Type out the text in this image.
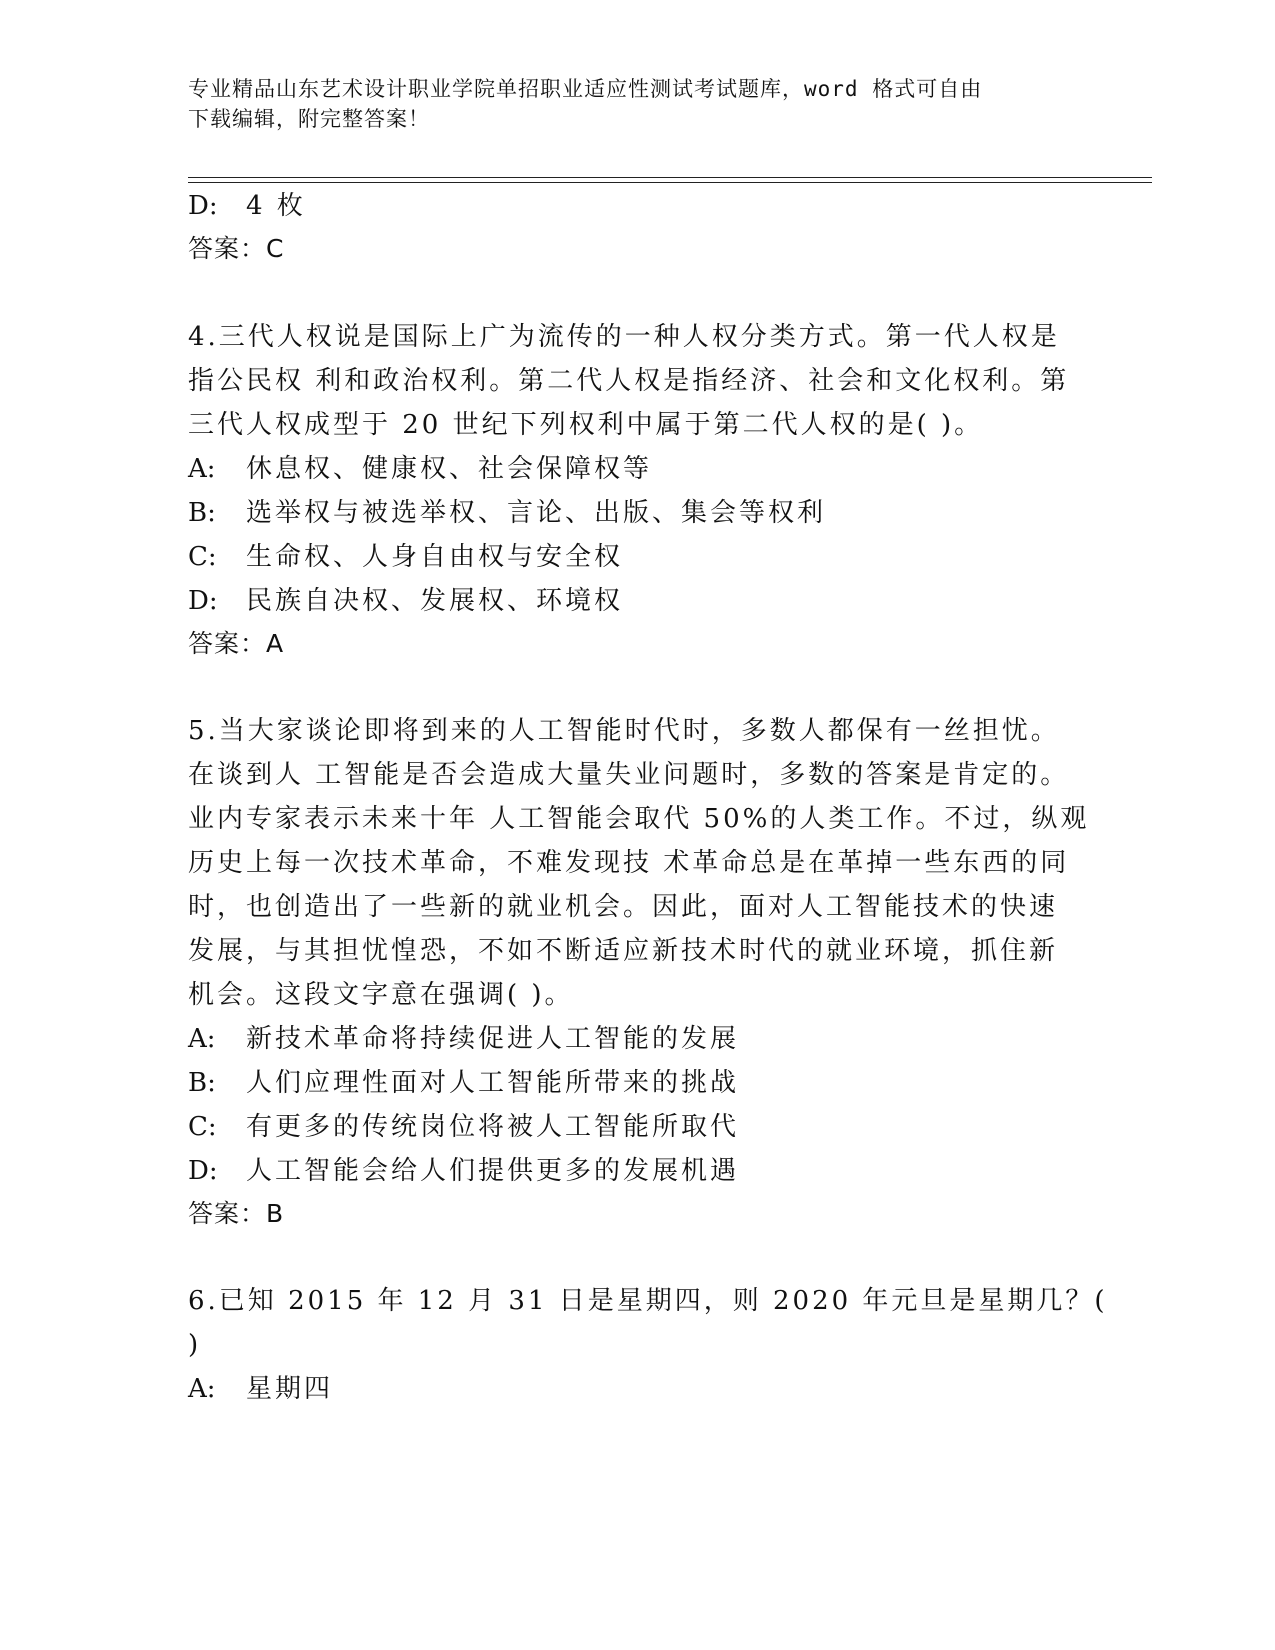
专业精品山东艺术设计职业学院单招职业适应性测试考试题库，word 格式可自由
下载编辑，附完整答案！
D: 4 枚
答案：C
4.三代人权说是国际上广为流传的一种人权分类方式。第一代人权是
指公民权 利和政治权利。第二代人权是指经济、社会和文化权利。第
三代人权成型于 20 世纪下列权利中属于第二代人权的是( )。
A: 休息权、健康权、社会保障权等
B: 选举权与被选举权、言论、出版、集会等权利
C: 生命权、人身自由权与安全权
D: 民族自决权、发展权、环境权
答案：A
5.当大家谈论即将到来的人工智能时代时，多数人都保有一丝担忧。
在谈到人 工智能是否会造成大量失业问题时，多数的答案是肯定的。
业内专家表示未来十年 人工智能会取代 50%的人类工作。不过，纵观
历史上每一次技术革命，不难发现技 术革命总是在革掉一些东西的同
时，也创造出了一些新的就业机会。因此，面对人工智能技术的快速
发展，与其担忧惶恐，不如不断适应新技术时代的就业环境，抓住新
机会。这段文字意在强调( )。
A: 新技术革命将持续促进人工智能的发展
B: 人们应理性面对人工智能所带来的挑战
C: 有更多的传统岗位将被人工智能所取代
D: 人工智能会给人们提供更多的发展机遇
答案：B
6.已知 2015 年 12 月 31 日是星期四，则 2020 年元旦是星期几？(
)
A: 星期四
